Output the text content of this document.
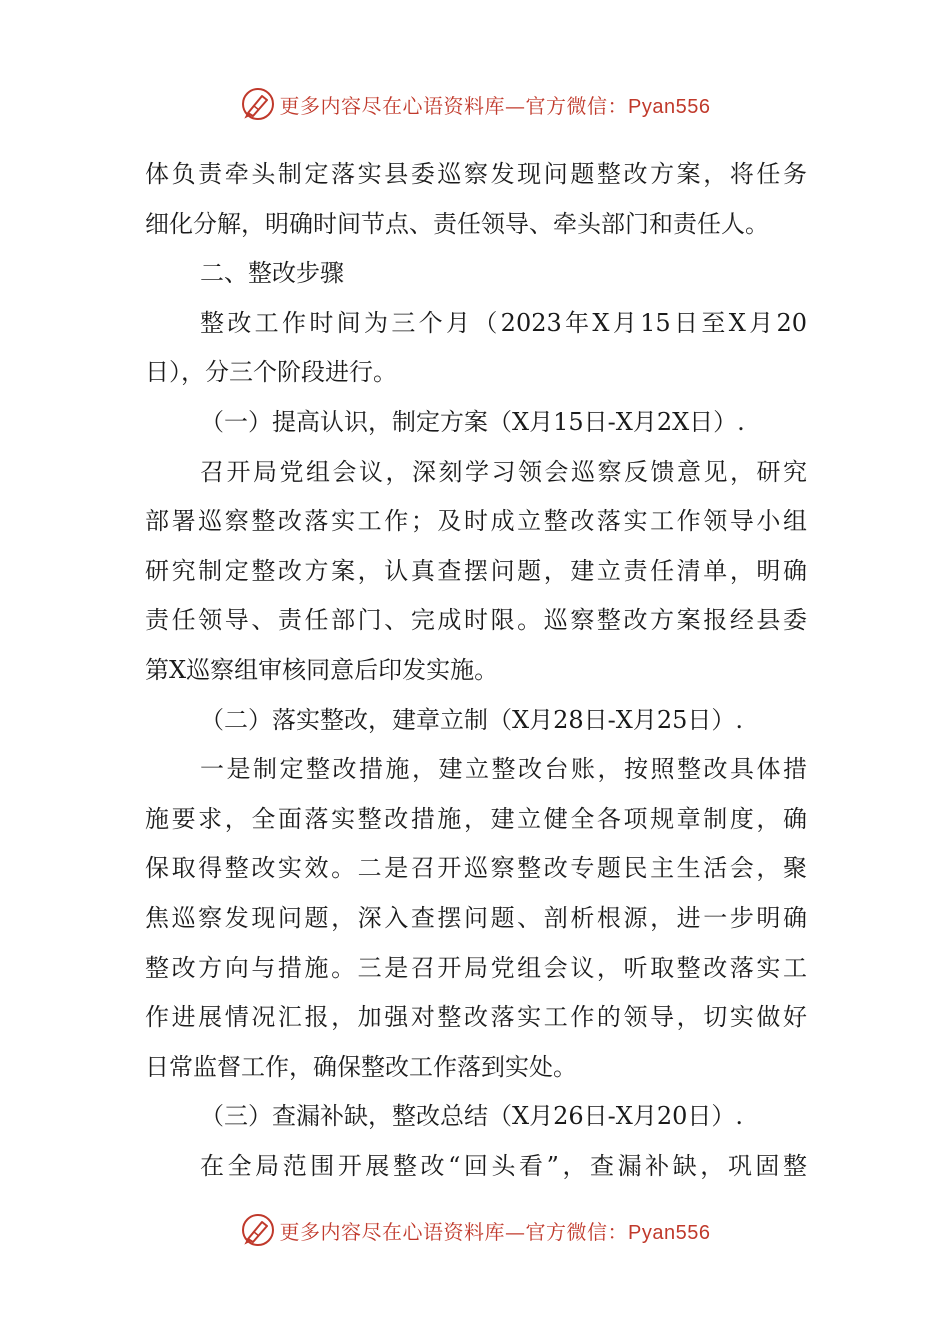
更多内容尽在心语资料库—官方微信：Pyan556
体负责牵头制定落实县委巡察发现问题整改方案，将任务
细化分解，明确时间节点、责任领导、牵头部门和责任人。
二、整改步骤
整改工作时间为三个月（2023年X月15日至X月20
日），分三个阶段进行。
（一）提高认识，制定方案（X月15日-X月2X日）.
召开局党组会议，深刻学习领会巡察反馈意见，研究
部署巡察整改落实工作；及时成立整改落实工作领导小组
研究制定整改方案，认真查摆问题，建立责任清单，明确
责任领导、责任部门、完成时限。巡察整改方案报经县委
第X巡察组审核同意后印发实施。
（二）落实整改，建章立制（X月28日-X月25日）.
一是制定整改措施，建立整改台账，按照整改具体措
施要求，全面落实整改措施，建立健全各项规章制度，确
保取得整改实效。二是召开巡察整改专题民主生活会，聚
焦巡察发现问题，深入查摆问题、剖析根源，进一步明确
整改方向与措施。三是召开局党组会议，听取整改落实工
作进展情况汇报，加强对整改落实工作的领导，切实做好
日常监督工作，确保整改工作落到实处。
（三）查漏补缺，整改总结（X月26日-X月20日）.
在全局范围开展整改“回头看”，查漏补缺，巩固整
更多内容尽在心语资料库—官方微信：Pyan556
